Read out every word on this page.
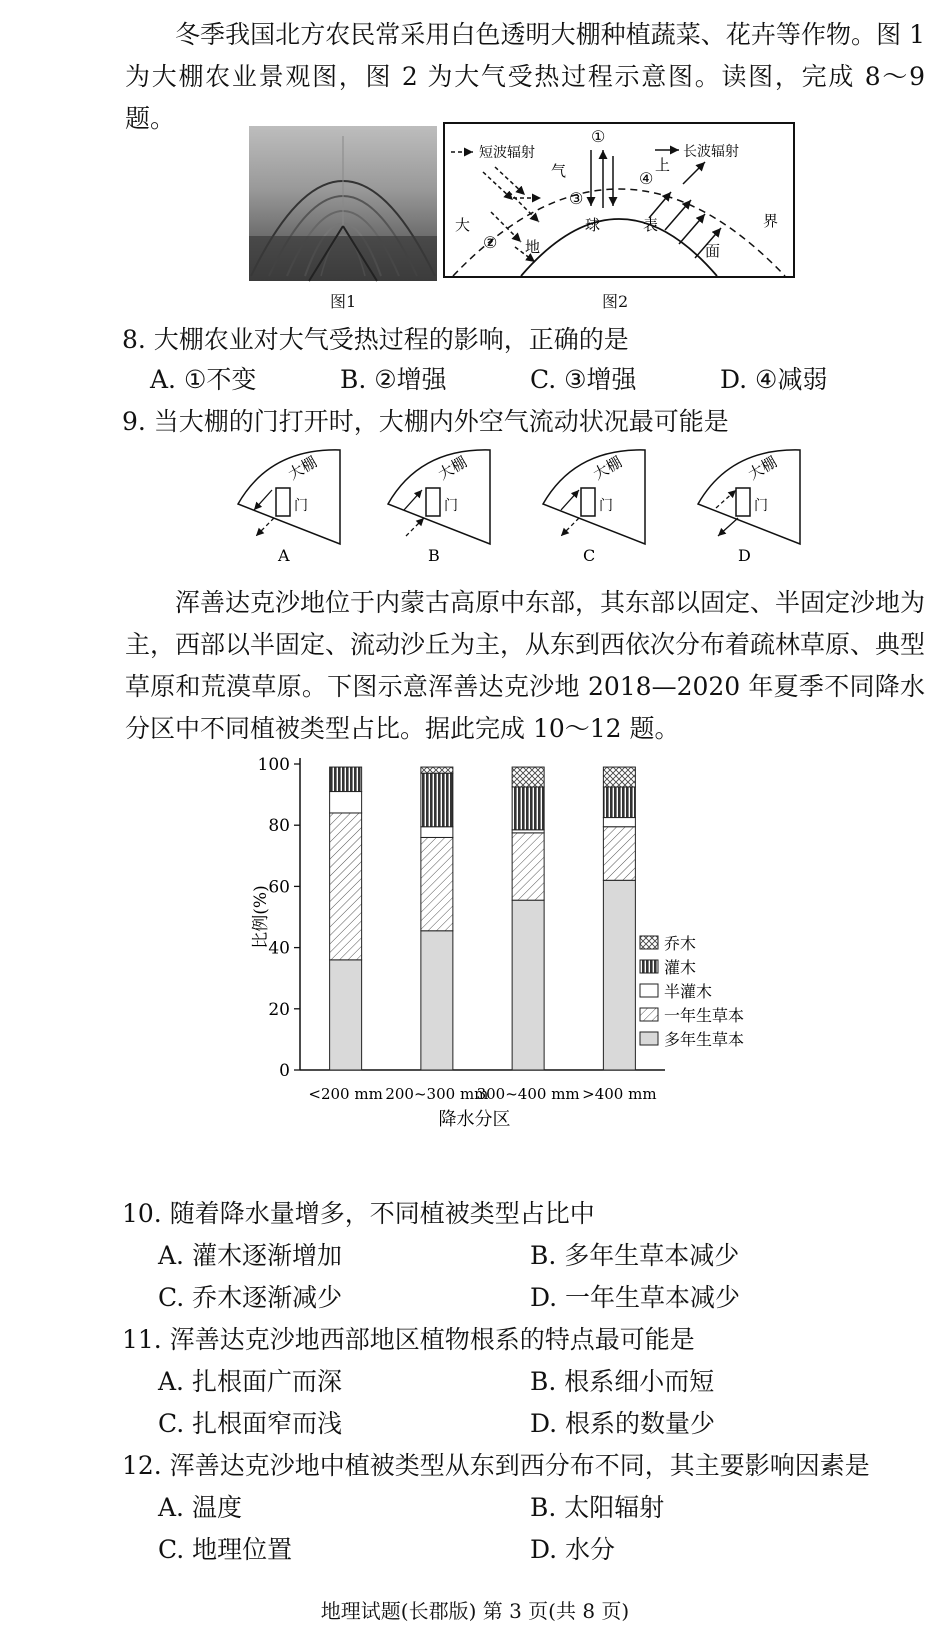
冬季我国北方农民常采用白色透明大棚种植蔬菜、花卉等作物。图 1 为大棚农业景观图，图 2 为大气受热过程示意图。读图，完成 8～9 题。

图1
短波辐射	长波辐射
①
②
③
④
大
气	上
界
地
球	表
面
图2
8. 大棚农业对大气受热过程的影响，正确的是
A. ①不变	B. ②增强	C. ③增强	D. ④减弱
9. 当大棚的门打开时，大棚内外空气流动状况最可能是
大棚
门
A
大棚
门
B
大棚
门
C
大棚
门
D

浑善达克沙地位于内蒙古高原中东部，其东部以固定、半固定沙地为主，西部以半固定、流动沙丘为主，从东到西依次分布着疏林草原、典型草原和荒漠草原。下图示意浑善达克沙地 2018—2020 年夏季不同降水分区中不同植被类型占比。据此完成 10～12 题。

0
20
40
60
80
100
比例(%)
<200 mm 200~300 mm
300~400 mm >400 mm
降水分区
乔木
灌木
半灌木
一年生草本
多年生草本
10. 随着降水量增多，不同植被类型占比中
A. 灌木逐渐增加	B. 多年生草本减少
C. 乔木逐渐减少	D. 一年生草本减少
11. 浑善达克沙地西部地区植物根系的特点最可能是
A. 扎根面广而深	B. 根系细小而短
C. 扎根面窄而浅	D. 根系的数量少
12. 浑善达克沙地中植被类型从东到西分布不同，其主要影响因素是
A. 温度	B. 太阳辐射
C. 地理位置	D. 水分
地理试题(长郡版) 第 3 页(共 8 页)
